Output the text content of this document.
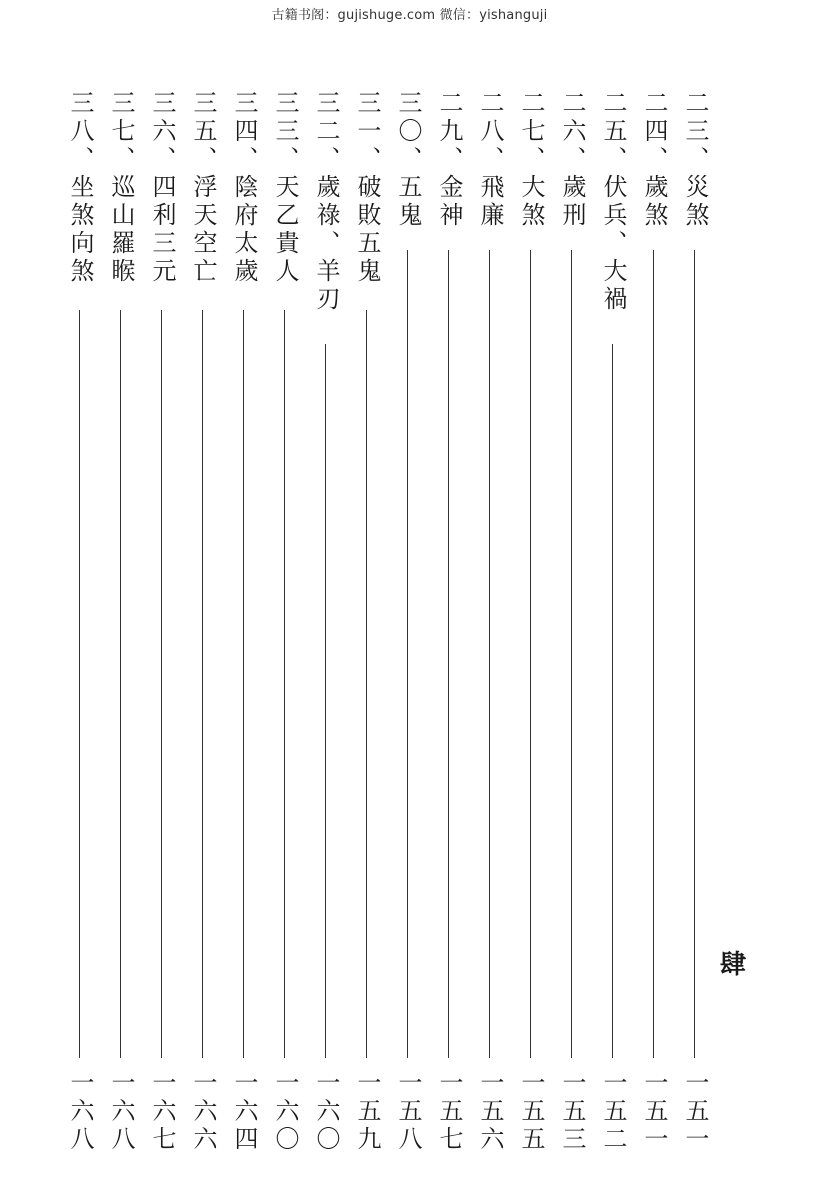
古籍书阁：gujishuge.com 微信：yishanguji
二三、災煞
一五一
二四、歲煞
一五一
二五、伏兵、大禍
一五二
二六、歲刑
一五三
二七、大煞
一五五
二八、飛廉
一五六
二九、金神
一五七
三〇、五鬼
一五八
三一、破敗五鬼
一五九
三二、歲祿、羊刃
一六〇
三三、天乙貴人
一六〇
三四、陰府太歲
一六四
三五、浮天空亡
一六六
三六、四利三元
一六七
三七、巡山羅睺
一六八
三八、坐煞向煞
一六八
肆
